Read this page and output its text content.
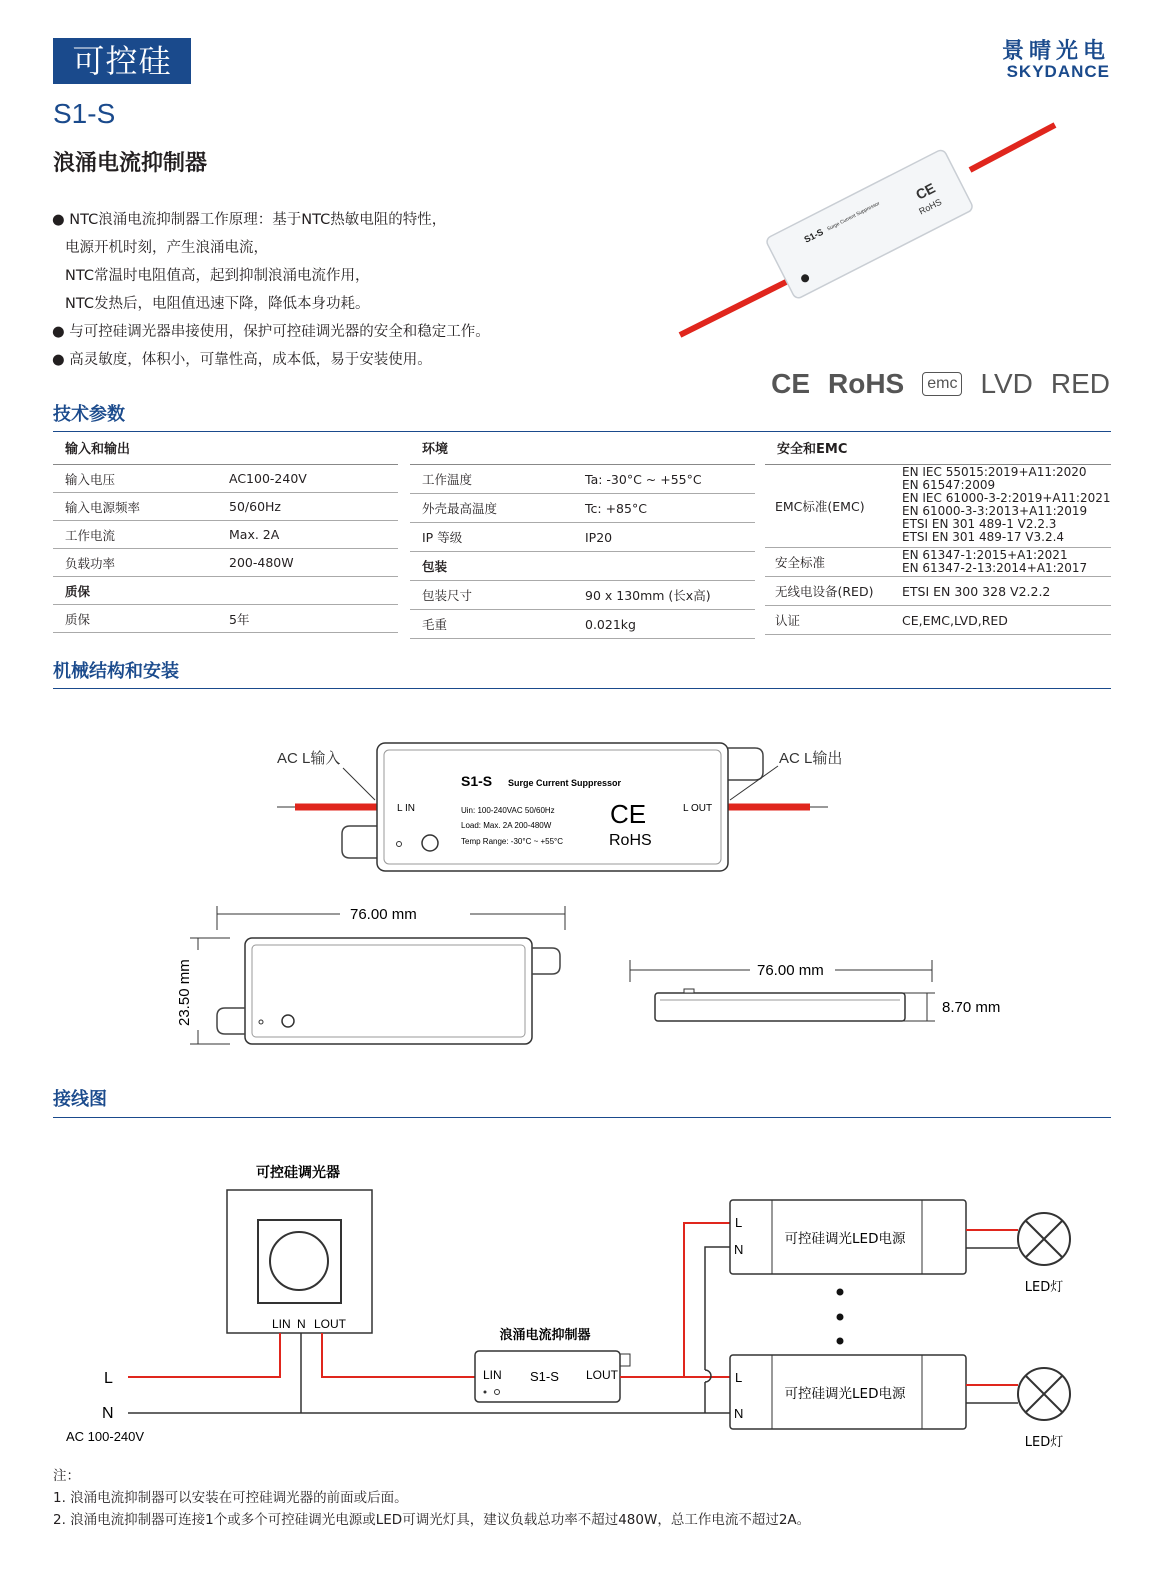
可控硅	景晴光电
SKYDANCE
S1-S
浪涌电流抑制器
● NTC浪涌电流抑制器工作原理：基于NTC热敏电阻的特性，
电源开机时刻，产生浪涌电流，
NTC常温时电阻值高，起到抑制浪涌电流作用，
NTC发热后，电阻值迅速下降，降低本身功耗。
● 与可控硅调光器串接使用，保护可控硅调光器的安全和稳定工作。
● 高灵敏度，体积小，可靠性高，成本低，易于安装使用。
S1-S
Surge Current Suppressor
CE
RoHS
CE RoHS	emc LVD RED
技术参数
输入和输出
输入电压	AC100-240V
输入电源频率	50/60Hz
工作电流	Max. 2A
负载功率	200-480W
质保
质保	5年
环境
工作温度	Ta: -30°C ~ +55°C
外壳最高温度	Tc: +85°C
IP 等级	IP20
包装
包装尺寸	90 x 130mm (长x高)
毛重	0.021kg
安全和EMC
EMC标准(EMC)
EN IEC 55015:2019+A11:2020
EN 61547:2009
EN IEC 61000-3-2:2019+A11:2021
EN 61000-3-3:2013+A11:2019
ETSI EN 301 489-1 V2.2.3
ETSI EN 301 489-17 V3.2.4
安全标准	EN 61347-1:2015+A1:2021
EN 61347-2-13:2014+A1:2017
无线电设备(RED) ETSI EN 300 328 V2.2.2
认证	CE,EMC,LVD,RED
机械结构和安装
S1-S Surge Current Suppressor
Uin: 100-240VAC 50/60Hz
Load: Max. 2A 200-480W
Temp Range: -30°C ~ +55°C
L IN	L OUT
CE
RoHS
AC L输入	AC L输出
76.00 mm
23.50 mm	76.00 mm
8.70 mm
接线图
可控硅调光器
LIN N LOUT
L
N
AC 100-240V
浪涌电流抑制器
LIN S1-S LOUT
L
N
可控硅调光LED电源
LED灯
L
N
可控硅调光LED电源
LED灯
注：
1. 浪涌电流抑制器可以安装在可控硅调光器的前面或后面。
2. 浪涌电流抑制器可连接1个或多个可控硅调光电源或LED可调光灯具，建议负载总功率不超过480W，总工作电流不超过2A。
